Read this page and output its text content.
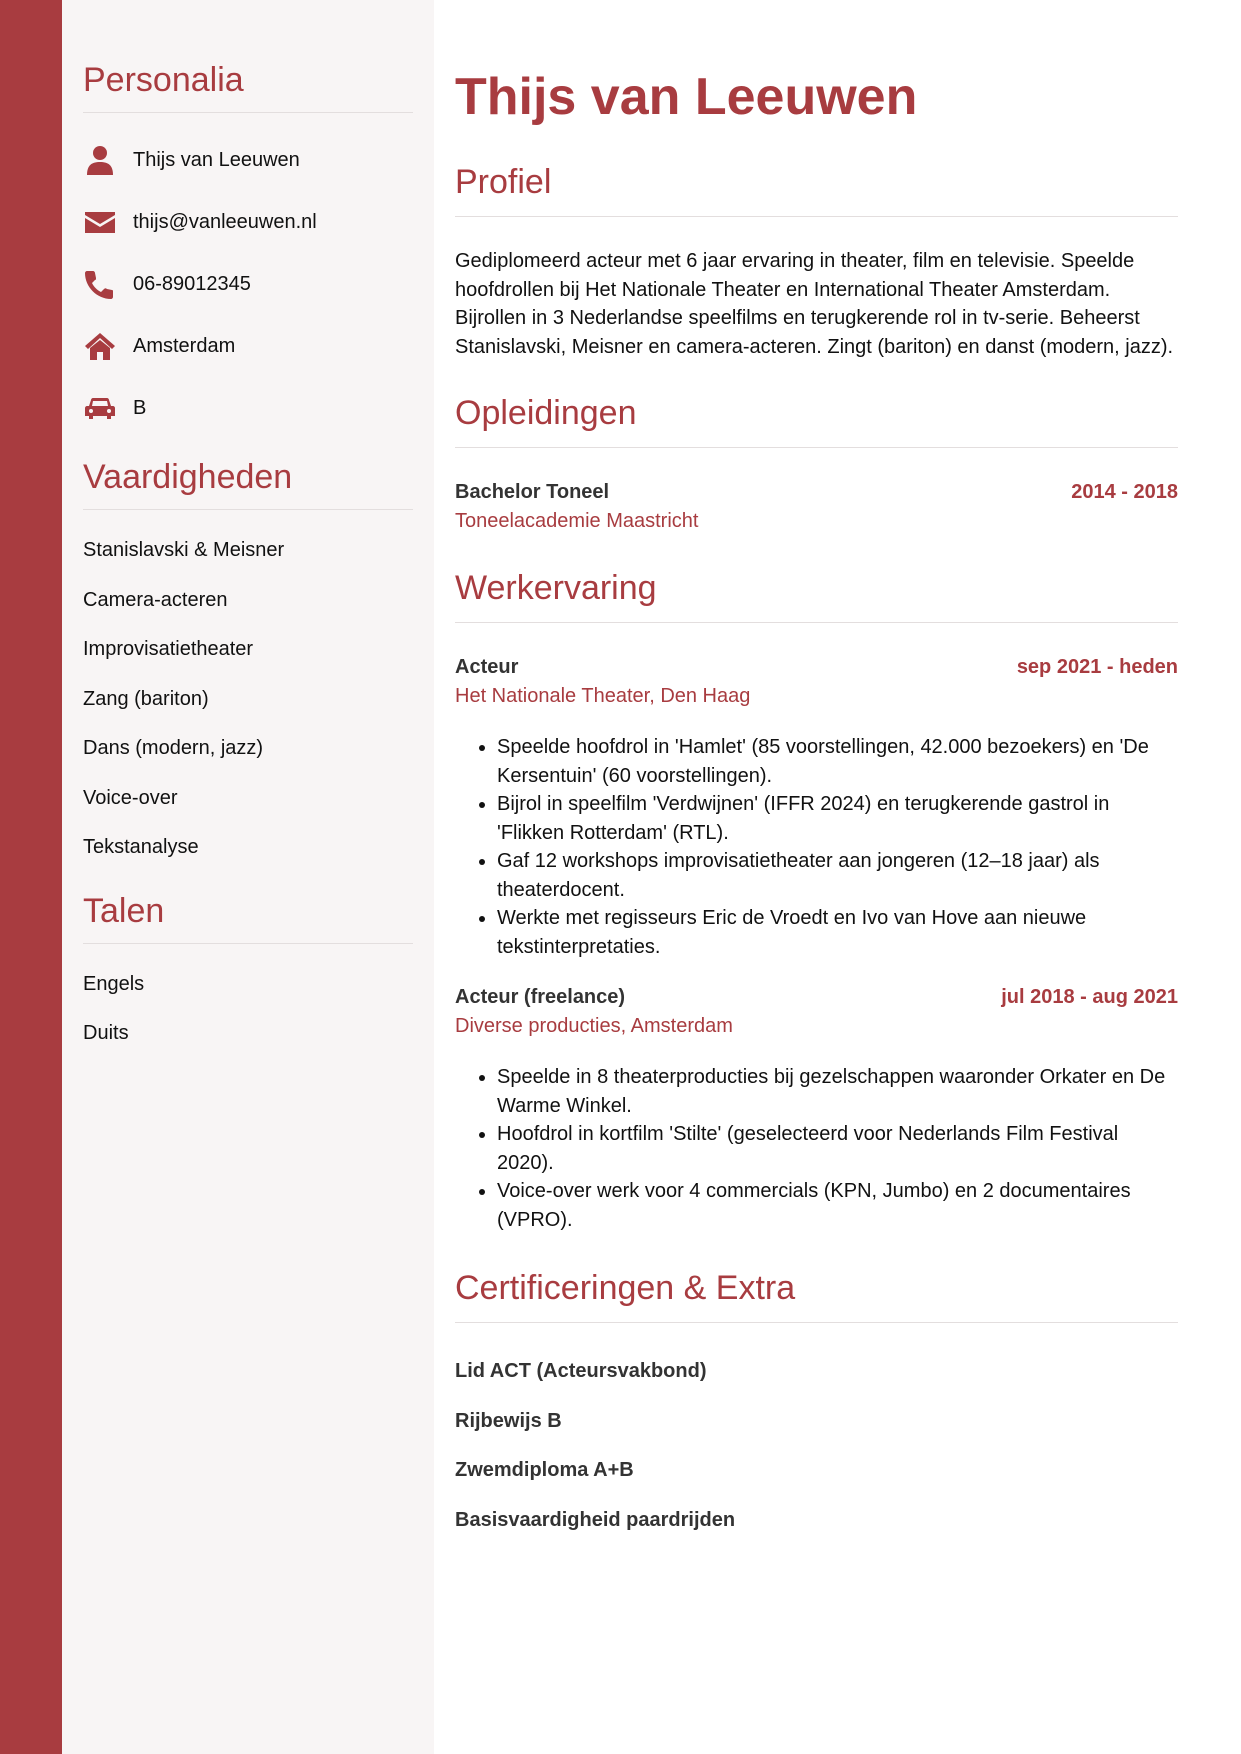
Personalia
Thijs van Leeuwen
thijs@vanleeuwen.nl
06-89012345
Amsterdam
B
Vaardigheden
Stanislavski & Meisner
Camera-acteren
Improvisatietheater
Zang (bariton)
Dans (modern, jazz)
Voice-over
Tekstanalyse
Talen
Engels
Duits
Thijs van Leeuwen
Profiel

Gediplomeerd acteur met 6 jaar ervaring in theater, film en televisie. Speelde hoofdrollen bij Het Nationale Theater en International Theater Amsterdam. Bijrollen in 3 Nederlandse speelfilms en terugkerende rol in tv-serie. Beheerst Stanislavski, Meisner en camera-acteren. Zingt (bariton) en danst (modern, jazz).

Opleidingen
Bachelor Toneel	2014 - 2018
Toneelacademie Maastricht
Werkervaring
Acteur	sep 2021 - heden
Het Nationale Theater, Den Haag
• Speelde hoofdrol in 'Hamlet' (85 voorstellingen, 42.000 bezoekers) en 'De Kersentuin' (60 voorstellingen).
• Bijrol in speelfilm 'Verdwijnen' (IFFR 2024) en terugkerende gastrol in 'Flikken Rotterdam' (RTL).
• Gaf 12 workshops improvisatietheater aan jongeren (12–18 jaar) als theaterdocent.
• Werkte met regisseurs Eric de Vroedt en Ivo van Hove aan nieuwe tekstinterpretaties.
Acteur (freelance)	jul 2018 - aug 2021
Diverse producties, Amsterdam
• Speelde in 8 theaterproducties bij gezelschappen waaronder Orkater en De Warme Winkel.
• Hoofdrol in kortfilm 'Stilte' (geselecteerd voor Nederlands Film Festival 2020).
• Voice-over werk voor 4 commercials (KPN, Jumbo) en 2 documentaires (VPRO).
Certificeringen & Extra
Lid ACT (Acteursvakbond)
Rijbewijs B
Zwemdiploma A+B
Basisvaardigheid paardrijden
